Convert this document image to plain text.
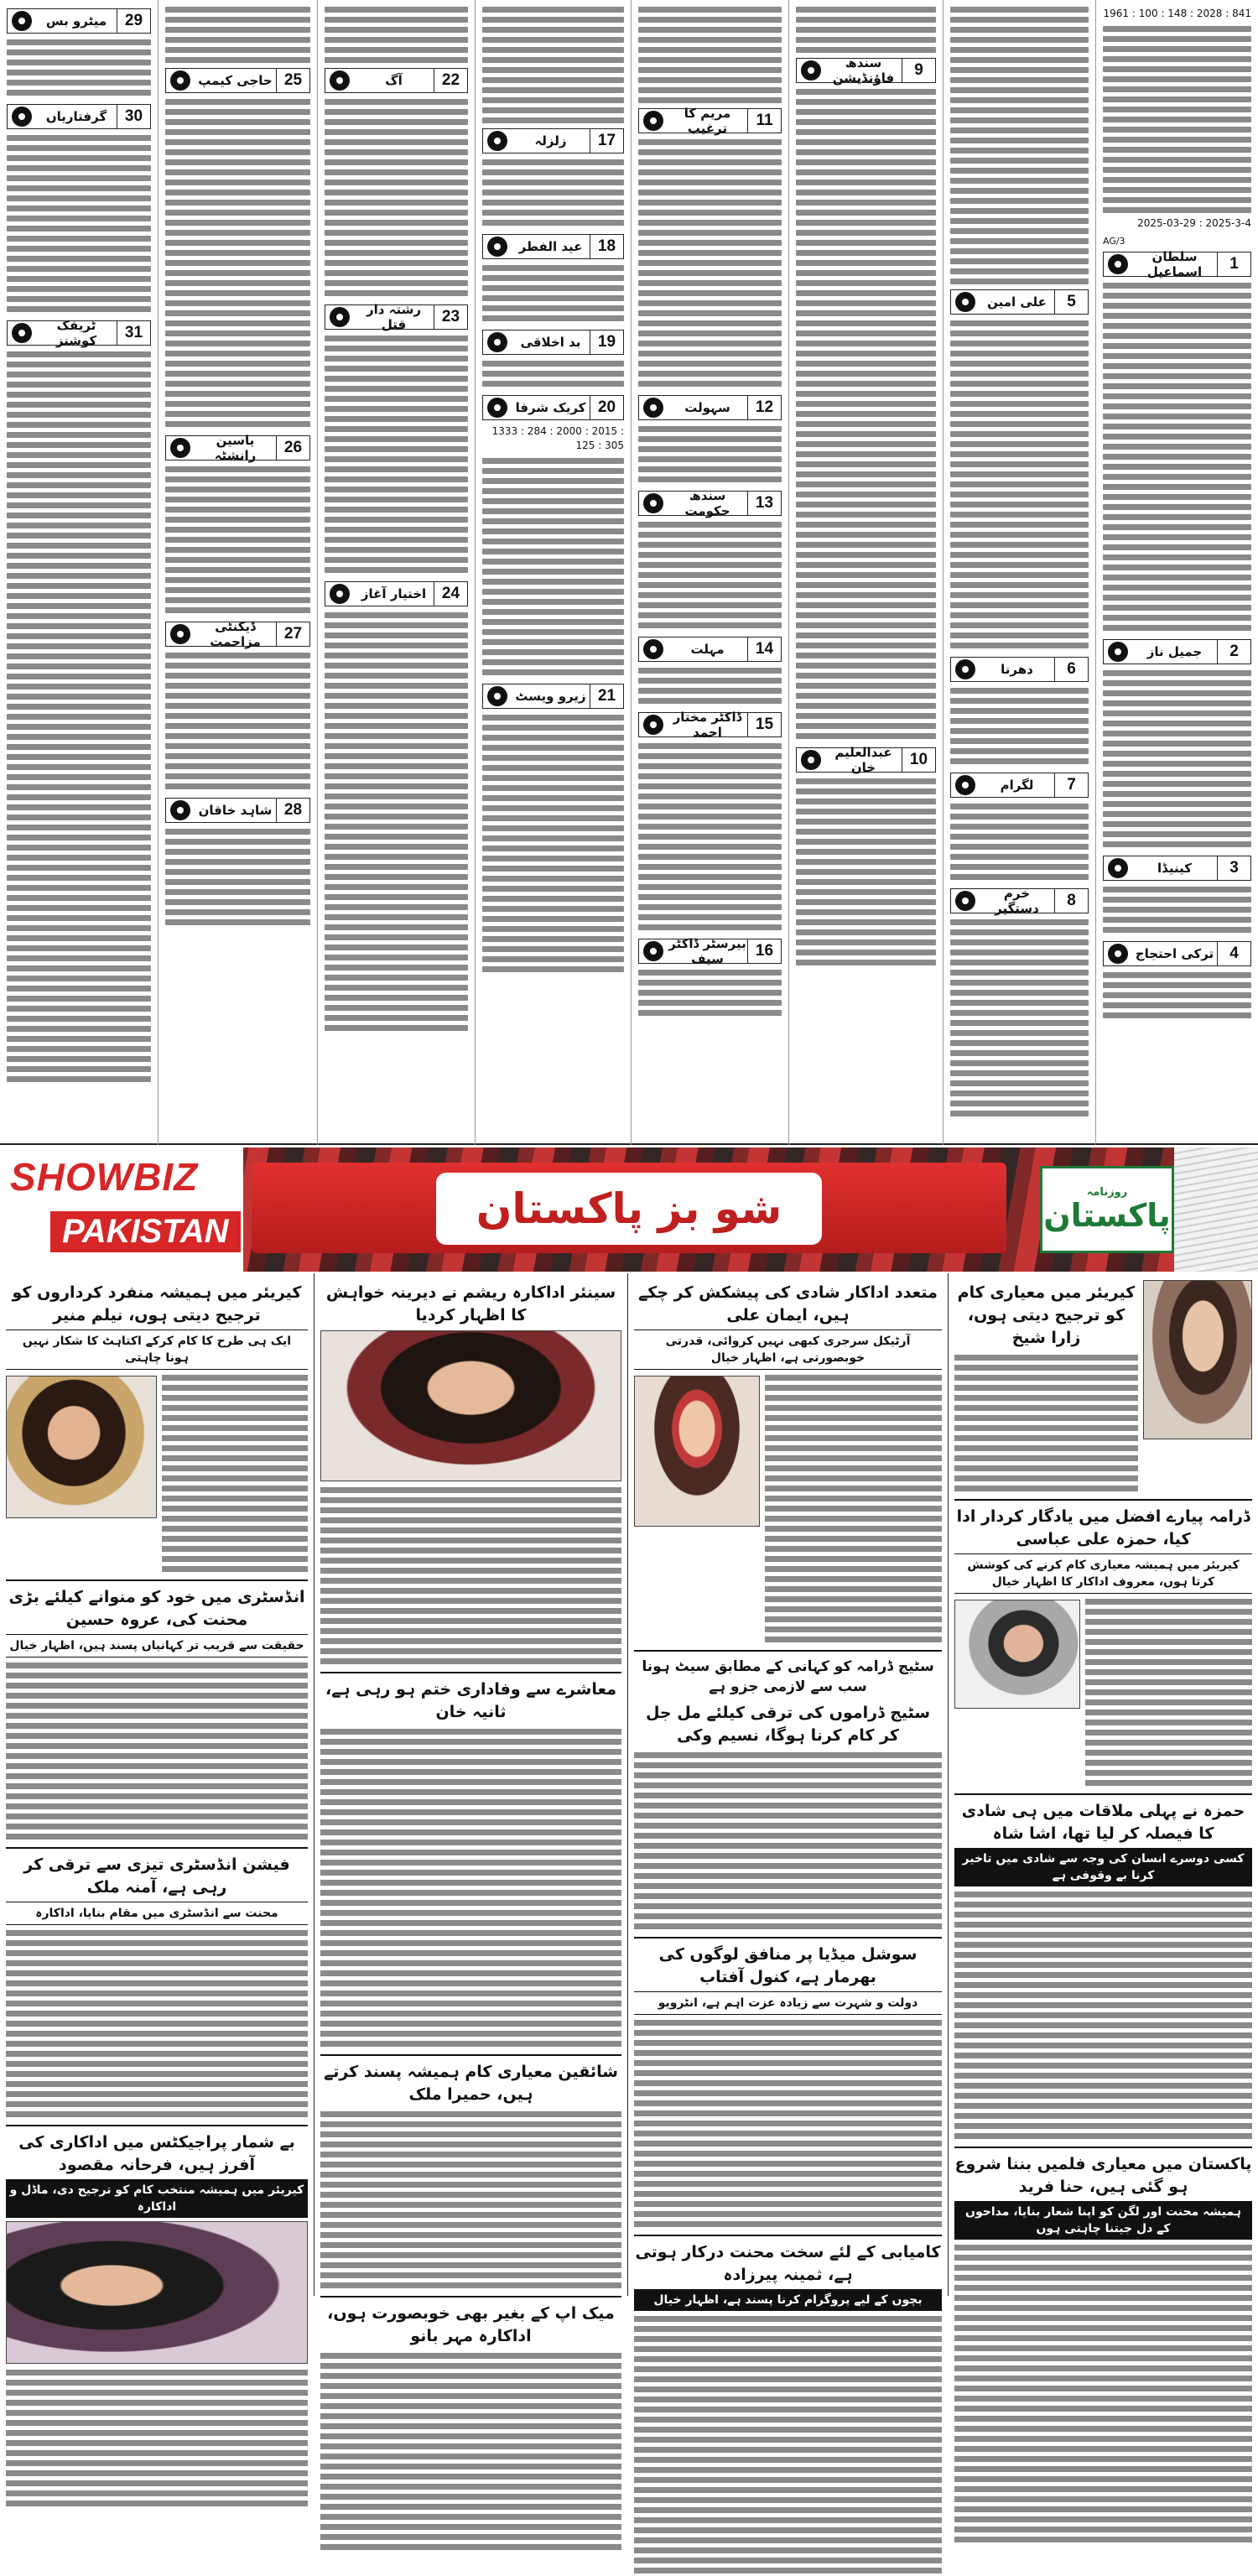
1961 : 100 : 148 : 2028 : 841
2025-03-29 : 2025-3-4
AG/3
1
سلطان اسماعیل
2
جمیل ناز
3
کینیڈا
4
ترکی احتجاج
5
علی امین
6
دھرنا
7
لگرام
8
خرم دستگیر
9
سندھ فاؤنڈیشن
10
عبدالعلیم خان
11
مریم کا ترغیب
12
سہولت
13
سندھ حکومت
14
مہلت
15
ڈاکٹر مختار احمد
16
بیرسٹر ڈاکٹر سیف
17
زلزلہ
18
عید الفطر
19
بد اخلاقی
20
کریک شرفا
1333 : 284 : 2000 : 2015 : 125 : 305
21
زیرو ویسٹ
22
آگ
23
رشتہ دار قتل
24
اختیار آغاز
25
حاجی کیمپ
26
یاسین رانشٹہ
27
ڈیکنٹی مزاحمت
28
شاہد خاقان
29
میٹرو بس
30
گرفتاریاں
31
ٹریفک کوشنز
SHOWBIZ
PAKISTAN	شو بز پاکستان	روزنامہ
پاکستان
کیریئر میں معیاری کام کو ترجیح دیتی ہوں، زارا شیخ
ڈرامہ پیارے افضل میں یادگار کردار ادا کیا، حمزہ علی عباسی
کیریئر میں ہمیشہ معیاری کام کرنے کی کوشش کرتا ہوں، معروف اداکار کا اظہار خیال
حمزہ نے پہلی ملاقات میں ہی شادی کا فیصلہ کر لیا تھا، اشا شاہ
کسی دوسرے انسان کی وجہ سے شادی میں تاخیر کرنا بے وقوفی ہے
پاکستان میں معیاری فلمیں بننا شروع ہو گئی ہیں، حنا فرید
ہمیشہ محنت اور لگن کو اپنا شعار بنایا، مداحوں کے دل جیتنا چاہتی ہوں
متعدد اداکار شادی کی پیشکش کر چکے ہیں، ایمان علی
آرٹیکل سرجری کبھی نہیں کروائی، قدرتی خوبصورتی ہے، اظہار خیال
سٹیج ڈرامہ کو کہانی کے مطابق سیٹ ہونا سب سے لازمی جزو ہے
سٹیج ڈراموں کی ترقی کیلئے مل جل کر کام کرنا ہوگا، نسیم وکی
سوشل میڈیا پر منافق لوگوں کی بھرمار ہے، کنول آفتاب
دولت و شہرت سے زیادہ عزت اہم ہے، انٹرویو
کامیابی کے لئے سخت محنت درکار ہوتی ہے، ثمینہ پیرزادہ
بچوں کے لیے پروگرام کرنا پسند ہے، اظہار خیال
سینئر اداکارہ ریشم نے دیرینہ خواہش کا اظہار کردیا
معاشرے سے وفاداری ختم ہو رہی ہے، ثانیہ خان
شائقین معیاری کام ہمیشہ پسند کرتے ہیں، حمیرا ملک
میک اپ کے بغیر بھی خوبصورت ہوں، اداکارہ مہر بانو
کیریئر میں ہمیشہ منفرد کرداروں کو ترجیح دیتی ہوں، نیلم منیر
ایک ہی طرح کا کام کرکے اکتاہٹ کا شکار نہیں ہونا چاہتی
انڈسٹری میں خود کو منوانے کیلئے بڑی محنت کی، عروہ حسین
حقیقت سے قریب تر کہانیاں پسند ہیں، اظہار خیال
فیشن انڈسٹری تیزی سے ترقی کر رہی ہے، آمنہ ملک
محنت سے انڈسٹری میں مقام بنایا، اداکارہ
بے شمار پراجیکٹس میں اداکاری کی آفرز ہیں، فرحانہ مقصود
کیریئر میں ہمیشہ منتخب کام کو ترجیح دی، ماڈل و اداکارہ
